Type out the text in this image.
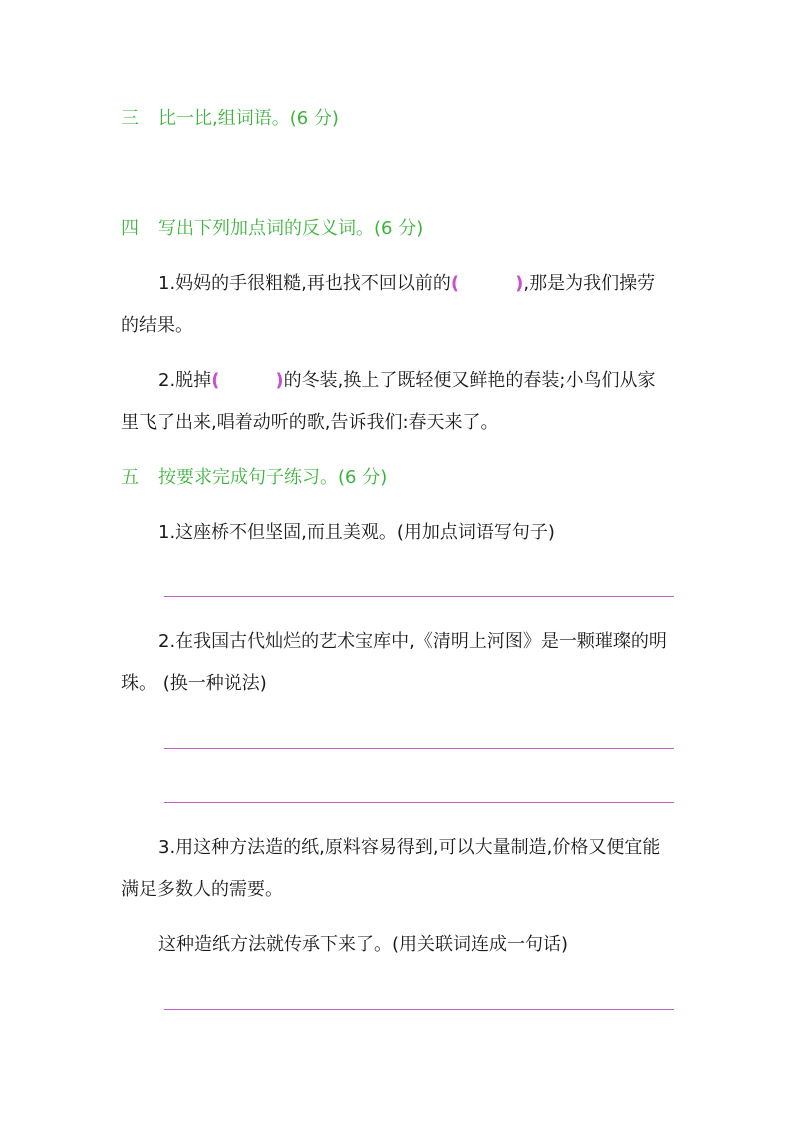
三 比一比,组词语。(6 分)
四 写出下列加点词的反义词。(6 分)
1.妈妈的手很粗糙,再也找不回以前的(	),那是为我们操劳
的结果。
2.脱掉(	)的冬装,换上了既轻便又鲜艳的春装;小鸟们从家
里飞了出来,唱着动听的歌,告诉我们:春天来了。
五 按要求完成句子练习。(6 分)
1.这座桥不但坚固,而且美观。(用加点词语写句子)
2.在我国古代灿烂的艺术宝库中,《清明上河图》是一颗璀璨的明
珠。 (换一种说法)
3.用这种方法造的纸,原料容易得到,可以大量制造,价格又便宜能
满足多数人的需要。
这种造纸方法就传承下来了。(用关联词连成一句话)
